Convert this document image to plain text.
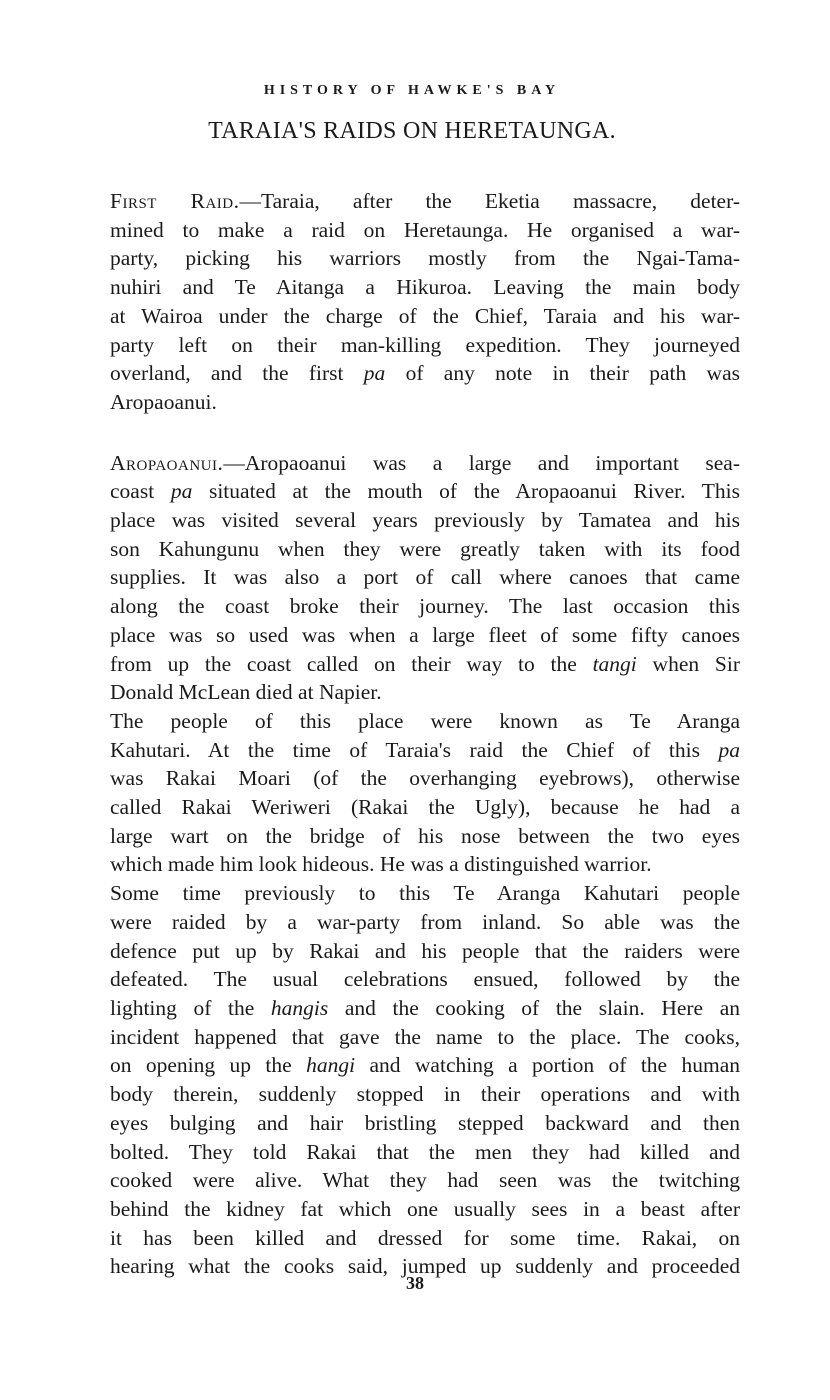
HISTORY OF HAWKE'S BAY

TARAIA'S RAIDS ON HERETAUNGA.
First Raid.—Taraia, after the Eketia massacre, deter-
mined to make a raid on Heretaunga. He organised a war-
party, picking his warriors mostly from the Ngai-Tama-
nuhiri and Te Aitanga a Hikuroa. Leaving the main body
at Wairoa under the charge of the Chief, Taraia and his war-
party left on their man-killing expedition. They journeyed
overland, and the first pa of any note in their path was
Aropaoanui.
Aropaoanui.—Aropaoanui was a large and important sea-
coast pa situated at the mouth of the Aropaoanui River. This
place was visited several years previously by Tamatea and his
son Kahungunu when they were greatly taken with its food
supplies. It was also a port of call where canoes that came
along the coast broke their journey. The last occasion this
place was so used was when a large fleet of some fifty canoes
from up the coast called on their way to the tangi when Sir
Donald McLean died at Napier.
The people of this place were known as Te Aranga
Kahutari. At the time of Taraia's raid the Chief of this pa
was Rakai Moari (of the overhanging eyebrows), otherwise
called Rakai Weriweri (Rakai the Ugly), because he had a
large wart on the bridge of his nose between the two eyes
which made him look hideous. He was a distinguished warrior.
Some time previously to this Te Aranga Kahutari people
were raided by a war-party from inland. So able was the
defence put up by Rakai and his people that the raiders were
defeated. The usual celebrations ensued, followed by the
lighting of the hangis and the cooking of the slain. Here an
incident happened that gave the name to the place. The cooks,
on opening up the hangi and watching a portion of the human
body therein, suddenly stopped in their operations and with
eyes bulging and hair bristling stepped backward and then
bolted. They told Rakai that the men they had killed and
cooked were alive. What they had seen was the twitching
behind the kidney fat which one usually sees in a beast after
it has been killed and dressed for some time. Rakai, on
hearing what the cooks said, jumped up suddenly and proceeded
38
